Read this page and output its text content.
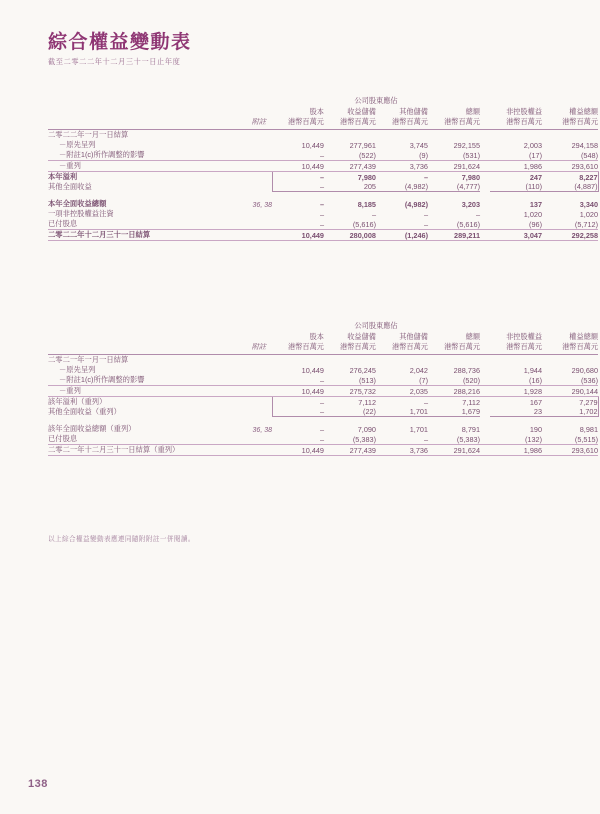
綜合權益變動表
截至二零二二年十二月三十一日止年度
		公司股東應佔						

	附註	股本
港幣百萬元	收益儲備
港幣百萬元	其他儲備
港幣百萬元	總額
港幣百萬元		非控股權益
港幣百萬元	權益總額
港幣百萬元

二零二二年一月一日結算								
－原先呈列		10,449	277,961	3,745	292,155		2,003	294,158
－附註1(c)所作調整的影響		–	(522)	(9)	(531)		(17)	(548)
－重列		10,449	277,439	3,736	291,624		1,986	293,610
本年溢利		–	7,980	–	7,980		247	8,227
其他全面收益		–	205	(4,982)	(4,777)		(110)	(4,887)

本年全面收益總額	36, 38	–	8,185	(4,982)	3,203		137	3,340
一項非控股權益注資		–	–	–	–		1,020	1,020
已付股息		–	(5,616)	–	(5,616)		(96)	(5,712)
二零二二年十二月三十一日結算		10,449	280,008	(1,246)	289,211		3,047	292,258
		公司股東應佔						

	附註	股本
港幣百萬元	收益儲備
港幣百萬元	其他儲備
港幣百萬元	總額
港幣百萬元		非控股權益
港幣百萬元	權益總額
港幣百萬元

二零二一年一月一日結算								
－原先呈列		10,449	276,245	2,042	288,736		1,944	290,680
－附註1(c)所作調整的影響		–	(513)	(7)	(520)		(16)	(536)
－重列		10,449	275,732	2,035	288,216		1,928	290,144
該年溢利（重列）		–	7,112	–	7,112		167	7,279
其他全面收益（重列）		–	(22)	1,701	1,679		23	1,702

該年全面收益總額（重列）	36, 38	–	7,090	1,701	8,791		190	8,981
已付股息		–	(5,383)	–	(5,383)		(132)	(5,515)
二零二一年十二月三十一日結算（重列）		10,449	277,439	3,736	291,624		1,986	293,610
以上綜合權益變動表應連同隨附附註一併閱讀。
138
